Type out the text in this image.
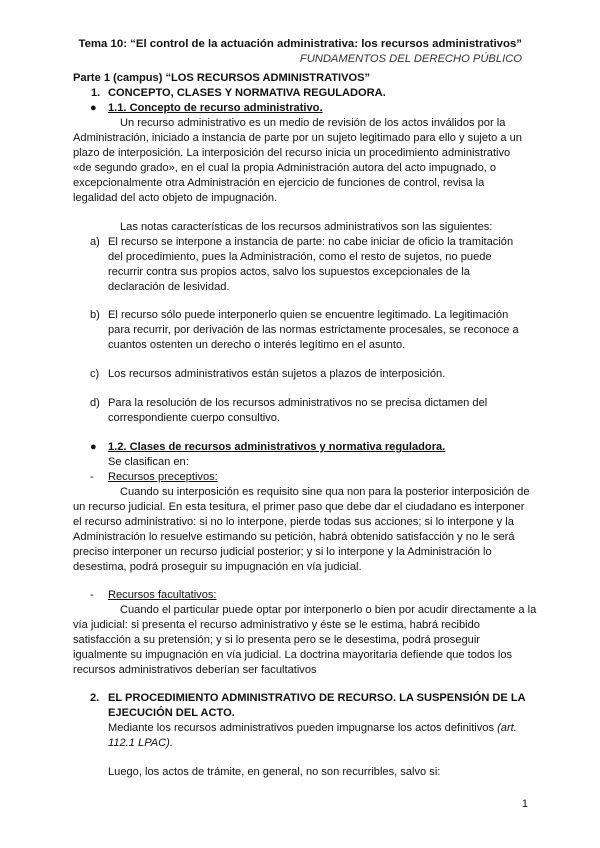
Tema 10: “El control de la actuación administrativa: los recursos administrativos”
FUNDAMENTOS DEL DERECHO PÚBLICO
Parte 1 (campus) “LOS RECURSOS ADMINISTRATIVOS”
1. CONCEPTO, CLASES Y NORMATIVA REGULADORA.
● 1.1. Concepto de recurso administrativo.
Un recurso administrativo es un medio de revisión de los actos inválidos por la
Administración, iniciado a instancia de parte por un sujeto legitimado para ello y sujeto a un
plazo de interposición. La interposición del recurso inicia un procedimiento administrativo
«de segundo grado», en el cual la propia Administración autora del acto impugnado, o
excepcionalmente otra Administración en ejercicio de funciones de control, revisa la
legalidad del acto objeto de impugnación.
Las notas características de los recursos administrativos son las siguientes:
a) El recurso se interpone a instancia de parte: no cabe iniciar de oficio la tramitación
del procedimiento, pues la Administración, como el resto de sujetos, no puede
recurrir contra sus propios actos, salvo los supuestos excepcionales de la
declaración de lesividad.
b) El recurso sólo puede interponerlo quien se encuentre legitimado. La legitimación
para recurrir, por derivación de las normas estrictamente procesales, se reconoce a
cuantos ostenten un derecho o interés legítimo en el asunto.
c) Los recursos administrativos están sujetos a plazos de interposición.
d) Para la resolución de los recursos administrativos no se precisa dictamen del
correspondiente cuerpo consultivo.
● 1.2. Clases de recursos administrativos y normativa reguladora.
Se clasifican en:
- Recursos preceptivos:
Cuando su interposición es requisito sine qua non para la posterior interposición de
un recurso judicial. En esta tesitura, el primer paso que debe dar el ciudadano es interponer
el recurso administrativo: si no lo interpone, pierde todas sus acciones; si lo interpone y la
Administración lo resuelve estimando su petición, habrá obtenido satisfacción y no le será
preciso interponer un recurso judicial posterior; y si lo interpone y la Administración lo
desestima, podrá proseguir su impugnación en vía judicial.
- Recursos facultativos:
Cuando el particular puede optar por interponerlo o bien por acudir directamente a la
vía judicial: si presenta el recurso administrativo y éste se le estima, habrá recibido
satisfacción a su pretensión; y si lo presenta pero se le desestima, podrá proseguir
igualmente su impugnación en vía judicial. La doctrina mayoritaria defiende que todos los
recursos administrativos deberían ser facultativos
2. EL PROCEDIMIENTO ADMINISTRATIVO DE RECURSO. LA SUSPENSIÓN DE LA
EJECUCIÓN DEL ACTO.
Mediante los recursos administrativos pueden impugnarse los actos definitivos (art.
112.1 LPAC).
Luego, los actos de trámite, en general, no son recurribles, salvo si:
1
